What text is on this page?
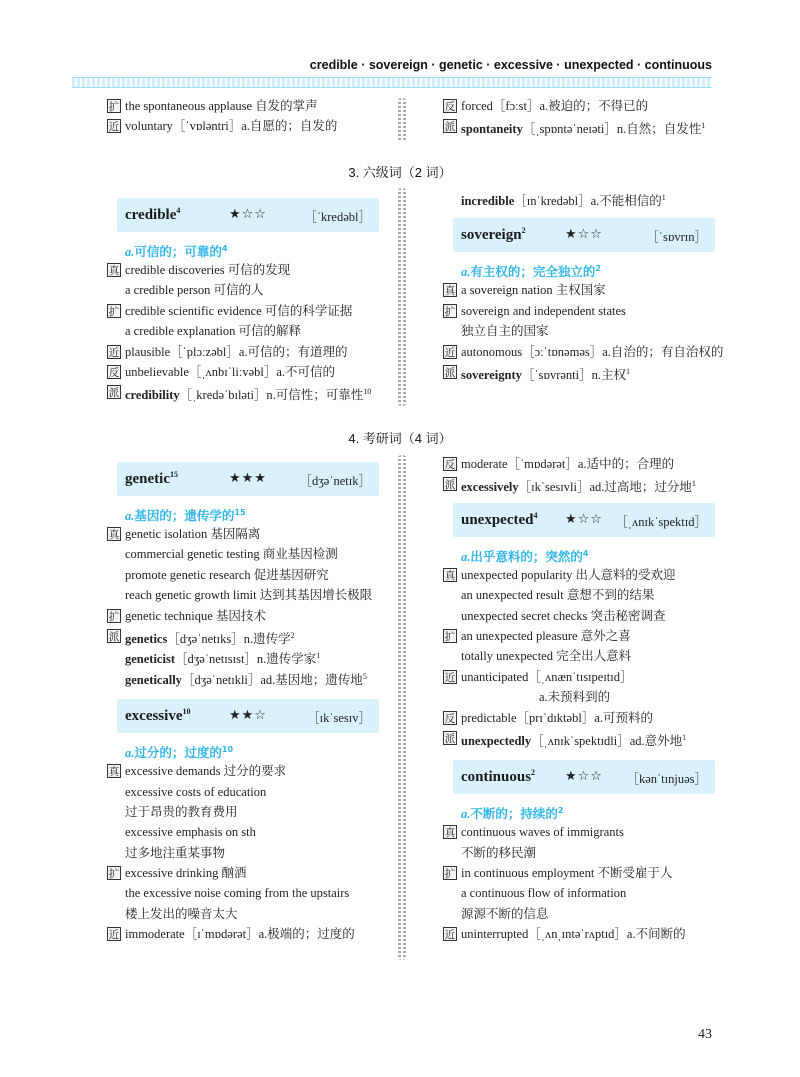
credible · sovereign · genetic · excessive · unexpected · continuous
扩 the spontaneous applause 自发的掌声
近 voluntary［ˈvɒləntri］a.自愿的；自发的
反 forced［fɔːst］a.被迫的；不得已的
派 spontaneity［ˌspɒntəˈneɪəti］n.自然；自发性$^1$
3. 六级词（2 词）
credible$^4$	★☆☆	［ˈkredəbl］
a.可信的；可靠的$^4$
真 credible discoveries 可信的发现
a credible person 可信的人
扩 credible scientific evidence 可信的科学证据
a credible explanation 可信的解释
近 plausible［ˈplɔːzəbl］a.可信的；有道理的
反 unbelievable［ˌʌnbɪˈliːvəbl］a.不可信的
派 credibility［ˌkredəˈbɪləti］n.可信性；可靠性$^{10}$
incredible［ɪnˈkredəbl］a.不能相信的$^1$
sovereign$^2$	★☆☆	［ˈsɒvrɪn］
a.有主权的；完全独立的$^2$
真 a sovereign nation 主权国家
扩 sovereign and independent states
独立自主的国家
近 autonomous［ɔːˈtɒnəməs］a.自治的；有自治权的
派 sovereignty［ˈsɒvrənti］n.主权$^1$
4. 考研词（4 词）
genetic$^{15}$	★★★	［dʒəˈnetɪk］
a.基因的；遗传学的$^{15}$
真 genetic isolation 基因隔离
commercial genetic testing 商业基因检测
promote genetic research 促进基因研究
reach genetic growth limit 达到其基因增长极限
扩 genetic technique 基因技术
派 genetics［dʒəˈnetɪks］n.遗传学$^2$
geneticist［dʒəˈnetɪsɪst］n.遗传学家$^1$
genetically［dʒəˈnetɪkli］ad.基因地；遗传地$^5$
excessive$^{10}$	★★☆	［ɪkˈsesɪv］
a.过分的；过度的$^{10}$
真 excessive demands 过分的要求
excessive costs of education
过于昂贵的教育费用
excessive emphasis on sth
过多地注重某事物
扩 excessive drinking 酗酒
the excessive noise coming from the upstairs
楼上发出的噪音太大
近 immoderate［ɪˈmɒdərət］a.极端的；过度的
反 moderate［ˈmɒdərət］a.适中的；合理的
派 excessively［ɪkˈsesɪvli］ad.过高地；过分地$^1$
unexpected$^4$ ★☆☆ ［ˌʌnɪkˈspektɪd］
a.出乎意料的；突然的$^4$
真 unexpected popularity 出人意料的受欢迎
an unexpected result 意想不到的结果
unexpected secret checks 突击秘密调查
扩 an unexpected pleasure 意外之喜
totally unexpected 完全出人意料
近 unanticipated［ˌʌnænˈtɪsɪpeɪtɪd］
a.未预料到的
反 predictable［prɪˈdɪktəbl］a.可预料的
派 unexpectedly［ˌʌnɪkˈspektɪdli］ad.意外地$^1$
continuous$^2$ ★☆☆ ［kənˈtɪnjuəs］
a.不断的；持续的$^2$
真 continuous waves of immigrants
不断的移民潮
扩 in continuous employment 不断受雇于人
a continuous flow of information
源源不断的信息
近 uninterrupted［ˌʌnˌɪntəˈrʌptɪd］a.不间断的
43
